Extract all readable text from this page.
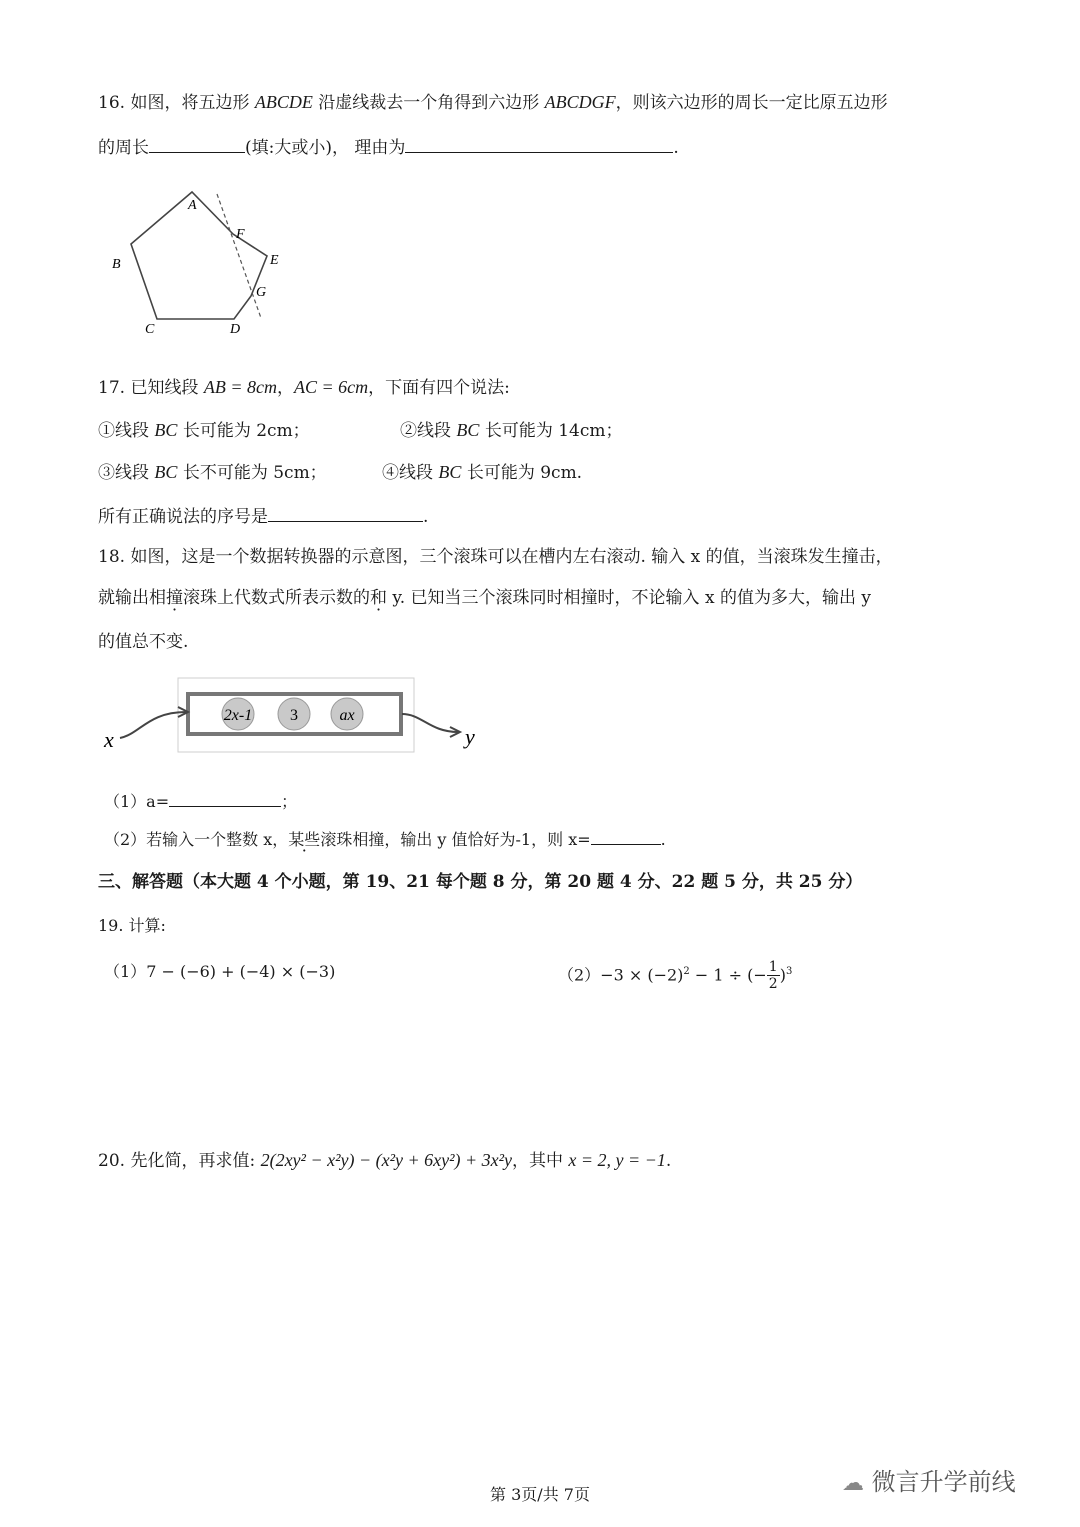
16. 如图，将五边形 ABCDE 沿虚线裁去一个角得到六边形 ABCDGF，则该六边形的周长一定比原五边形
的周长	(填:大或小)， 理由为	.
A
B
C	D
E
F
G
17. 已知线段 AB = 8cm，AC = 6cm，下面有四个说法:
①线段 BC 长可能为 2cm；	②线段 BC 长可能为 14cm；
③线段 BC 长不可能为 5cm；	④线段 BC 长可能为 9cm.
所有正确说法的序号是	.
18. 如图，这是一个数据转换器的示意图，三个滚珠可以在槽内左右滚动. 输入 x 的值，当滚珠发生撞击，
就输出相撞滚珠上代数式所表示数的和 y. 已知当三个滚珠同时相撞时，不论输入 x 的值为多大，输出 y
的值总不变.
2x-1 3	ax
x	y
（1）a=	；
（2）若输入一个整数 x，某些滚珠相撞，输出 y 值恰好为-1，则 x=	.
三、解答题（本大题 4 个小题，第 19、21 每个题 8 分，第 20 题 4 分、22 题 5 分，共 25 分）
19. 计算:
（1）7 − (−6) + (−4) × (−3)	$(2)-3 \times (-2)^2 - 1$ ÷ (− $\frac{1}{2} )^3$
20. 先化简，再求值: 2(2xy² − x²y) − (x²y + 6xy²) + 3x²y，其中 x = 2, y = −1.
第 3页/共 7页	☁ 微言升学前线
